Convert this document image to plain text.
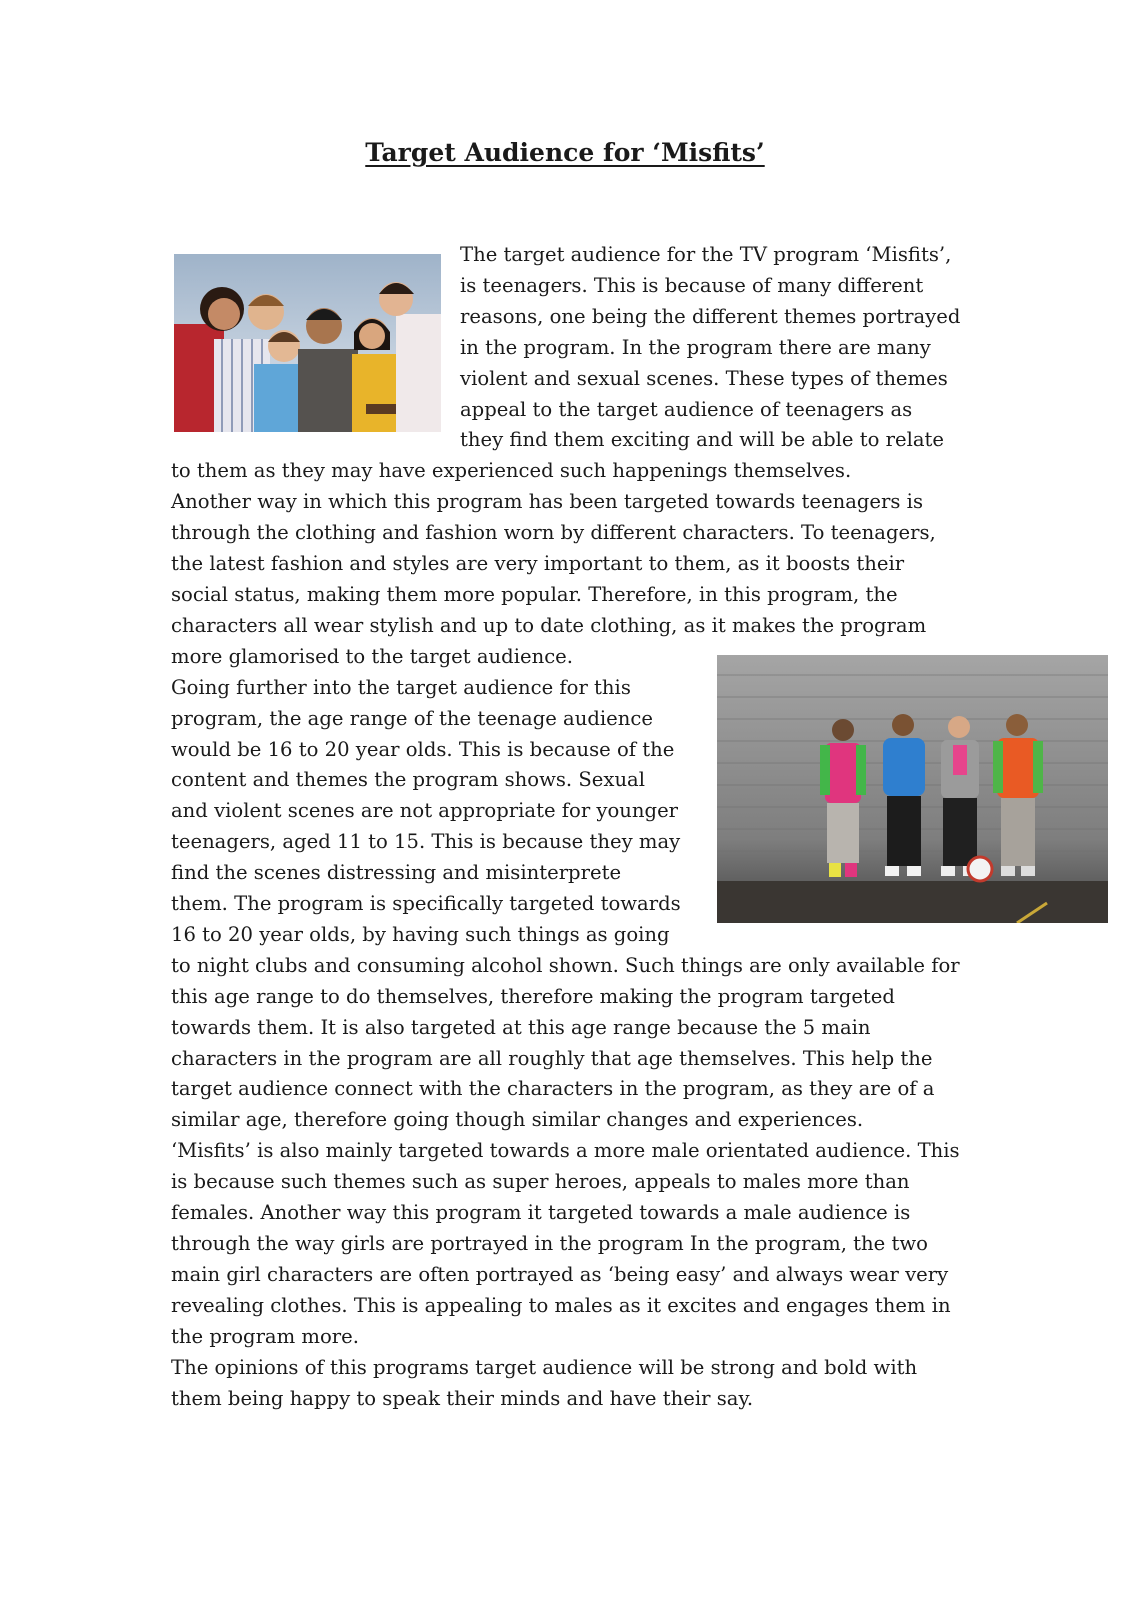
Target Audience for ‘Misfits’

The target audience for the TV program ‘Misfits’, is teenagers. This is because of many different reasons, one being the different themes portrayed in the program. In the program there are many violent and sexual scenes. These types of themes appeal to the target audience of teenagers as they find them exciting and will be able to relate to them as they may have experienced such happenings themselves.

Another way in which this program has been targeted towards teenagers is through the clothing and fashion worn by different characters. To teenagers, the latest fashion and styles are very important to them, as it boosts their social status, making them more popular. Therefore, in this program, the characters all wear stylish and up to date clothing, as it makes the program more glamorised to the target audience.

Going further into the target audience for this program, the age range of the teenage audience would be 16 to 20 year olds. This is because of the content and themes the program shows. Sexual and violent scenes are not appropriate for younger teenagers, aged 11 to 15. This is because they may find the scenes distressing and misinterprete them. The program is specifically targeted towards 16 to 20 year olds, by having such things as going to night clubs and consuming alcohol shown. Such things are only available for this age range to do themselves, therefore making the program targeted towards them. It is also targeted at this age range because the 5 main characters in the program are all roughly that age themselves. This help the target audience connect with the characters in the program, as they are of a similar age, therefore going though similar changes and experiences.

‘Misfits’ is also mainly targeted towards a more male orientated audience. This is because such themes such as super heroes, appeals to males more than females. Another way this program it targeted towards a male audience is through the way girls are portrayed in the program In the program, the two main girl characters are often portrayed as ‘being easy’ and always wear very revealing clothes. This is appealing to males as it excites and engages them in the program more.

The opinions of this programs target audience will be strong and bold with them being happy to speak their minds and have their say.
